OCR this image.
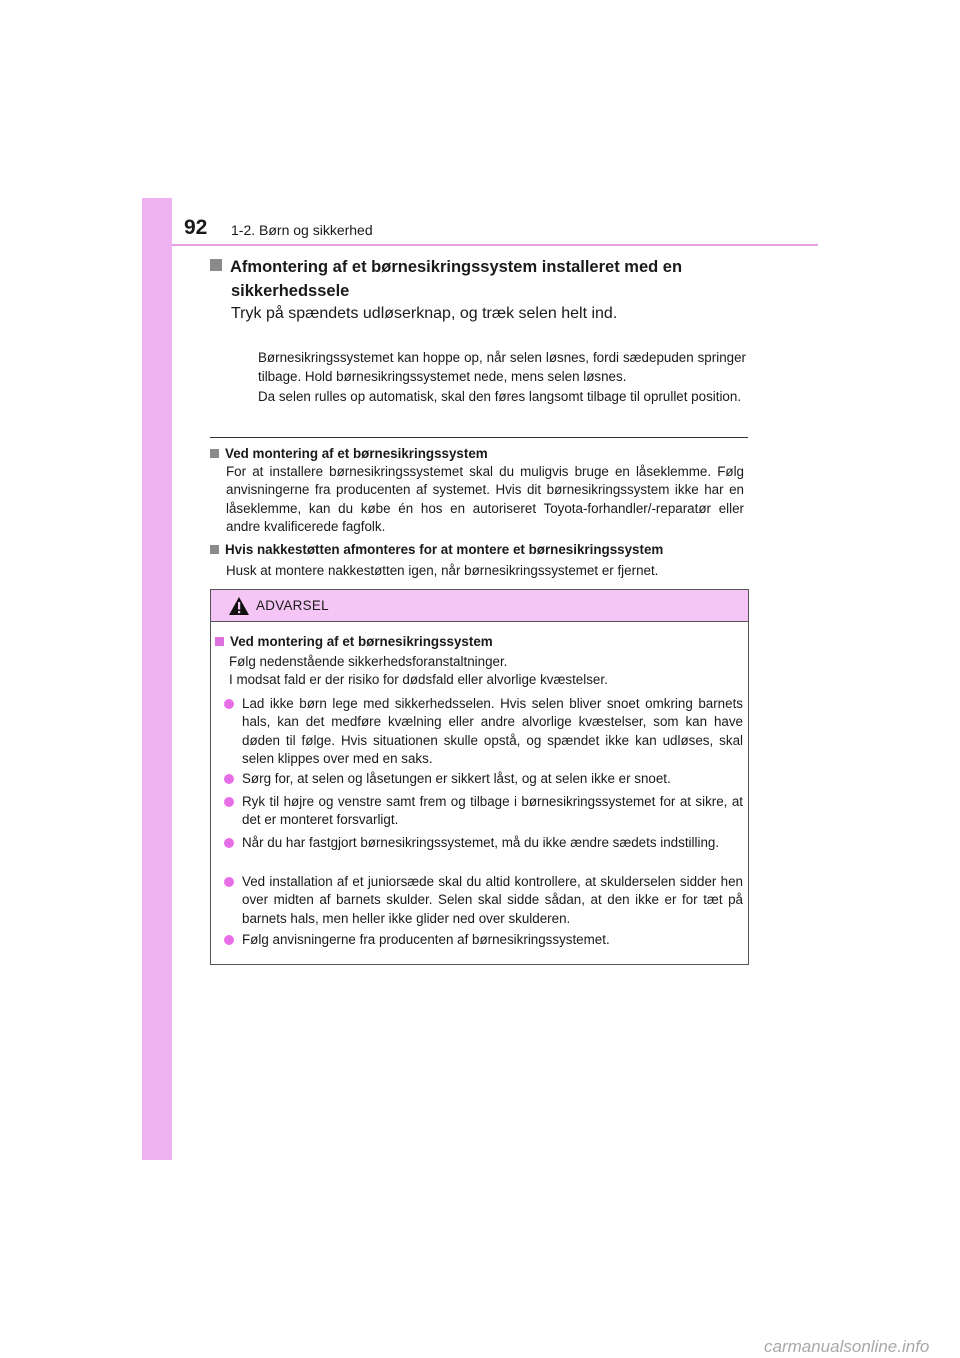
92 1-2. Børn og sikkerhed
Afmontering af et børnesikringssystem installeret med en
sikkerhedssele
Tryk på spændets udløserknap, og træk selen helt ind.
Børnesikringssystemet kan hoppe op, når selen løsnes, fordi sædepuden springer tilbage. Hold børnesikringssystemet nede, mens selen løsnes.
Da selen rulles op automatisk, skal den føres langsomt tilbage til oprullet position.
Ved montering af et børnesikringssystem
For at installere børnesikringssystemet skal du muligvis bruge en låseklemme. Følg anvisningerne fra producenten af systemet. Hvis dit børnesikringssystem ikke har en låseklemme, kan du købe én hos en autoriseret Toyota-forhandler/-reparatør eller andre kvalificerede fagfolk.
Hvis nakkestøtten afmonteres for at montere et børnesikringssystem
Husk at montere nakkestøtten igen, når børnesikringssystemet er fjernet.
ADVARSEL
Ved montering af et børnesikringssystem
Følg nedenstående sikkerhedsforanstaltninger.
I modsat fald er der risiko for dødsfald eller alvorlige kvæstelser.
Lad ikke børn lege med sikkerhedsselen. Hvis selen bliver snoet omkring barnets hals, kan det medføre kvælning eller andre alvorlige kvæstelser, som kan have døden til følge. Hvis situationen skulle opstå, og spændet ikke kan udløses, skal selen klippes over med en saks.
Sørg for, at selen og låsetungen er sikkert låst, og at selen ikke er snoet.
Ryk til højre og venstre samt frem og tilbage i børnesikringssystemet for at sikre, at det er monteret forsvarligt.
Når du har fastgjort børnesikringssystemet, må du ikke ændre sædets indstilling.
Ved installation af et juniorsæde skal du altid kontrollere, at skulderselen sidder hen over midten af barnets skulder. Selen skal sidde sådan, at den ikke er for tæt på barnets hals, men heller ikke glider ned over skulderen.
Følg anvisningerne fra producenten af børnesikringssystemet.
carmanualsonline.info
